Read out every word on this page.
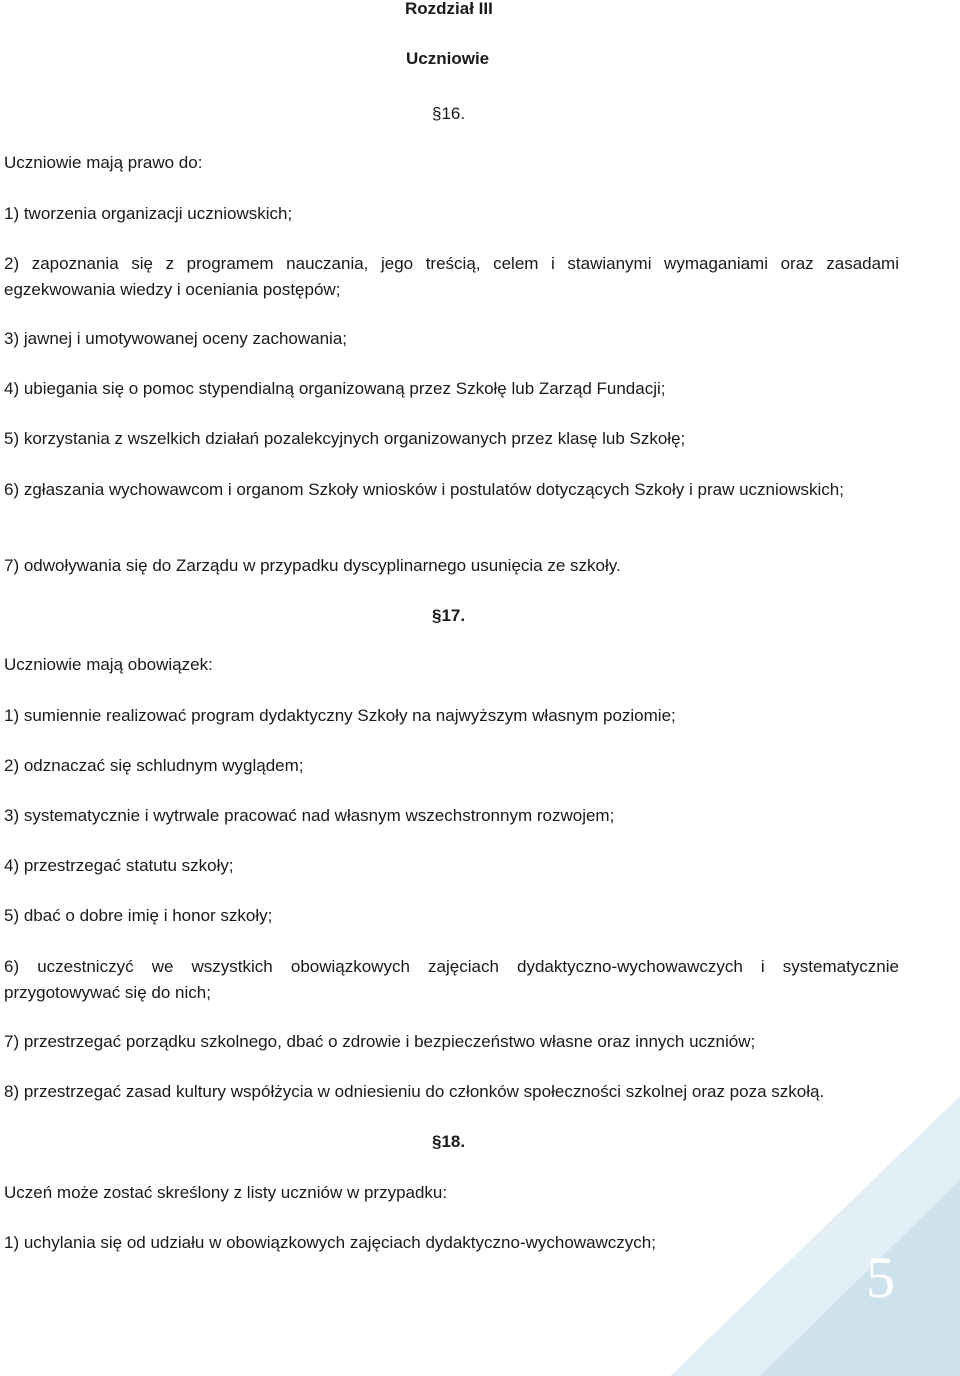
Rozdział III
Uczniowie
§16.
Uczniowie mają prawo do:
1) tworzenia organizacji uczniowskich;
2) zapoznania się z programem nauczania, jego treścią, celem i stawianymi wymaganiami oraz zasadami egzekwowania wiedzy i oceniania postępów;
3) jawnej i umotywowanej oceny zachowania;
4) ubiegania się o pomoc stypendialną organizowaną przez Szkołę lub Zarząd Fundacji;
5) korzystania z wszelkich działań pozalekcyjnych organizowanych przez klasę lub Szkołę;
6) zgłaszania wychowawcom i organom Szkoły wniosków i postulatów dotyczących Szkoły i praw uczniowskich;
7) odwoływania się do Zarządu w przypadku dyscyplinarnego usunięcia ze szkoły.
§17.
Uczniowie mają obowiązek:
1) sumiennie realizować program dydaktyczny Szkoły na najwyższym własnym poziomie;
2) odznaczać się schludnym wyglądem;
3) systematycznie i wytrwale pracować nad własnym wszechstronnym rozwojem;
4) przestrzegać statutu szkoły;
5) dbać o dobre imię i honor szkoły;
6) uczestniczyć we wszystkich obowiązkowych zajęciach dydaktyczno-wychowawczych i systematycznie przygotowywać się do nich;
7) przestrzegać porządku szkolnego, dbać o zdrowie i bezpieczeństwo własne oraz innych uczniów;
8) przestrzegać zasad kultury współżycia w odniesieniu do członków społeczności szkolnej oraz poza szkołą.
§18.
Uczeń może zostać skreślony z listy uczniów w przypadku:
1) uchylania się od udziału w obowiązkowych zajęciach dydaktyczno-wychowawczych;
5
